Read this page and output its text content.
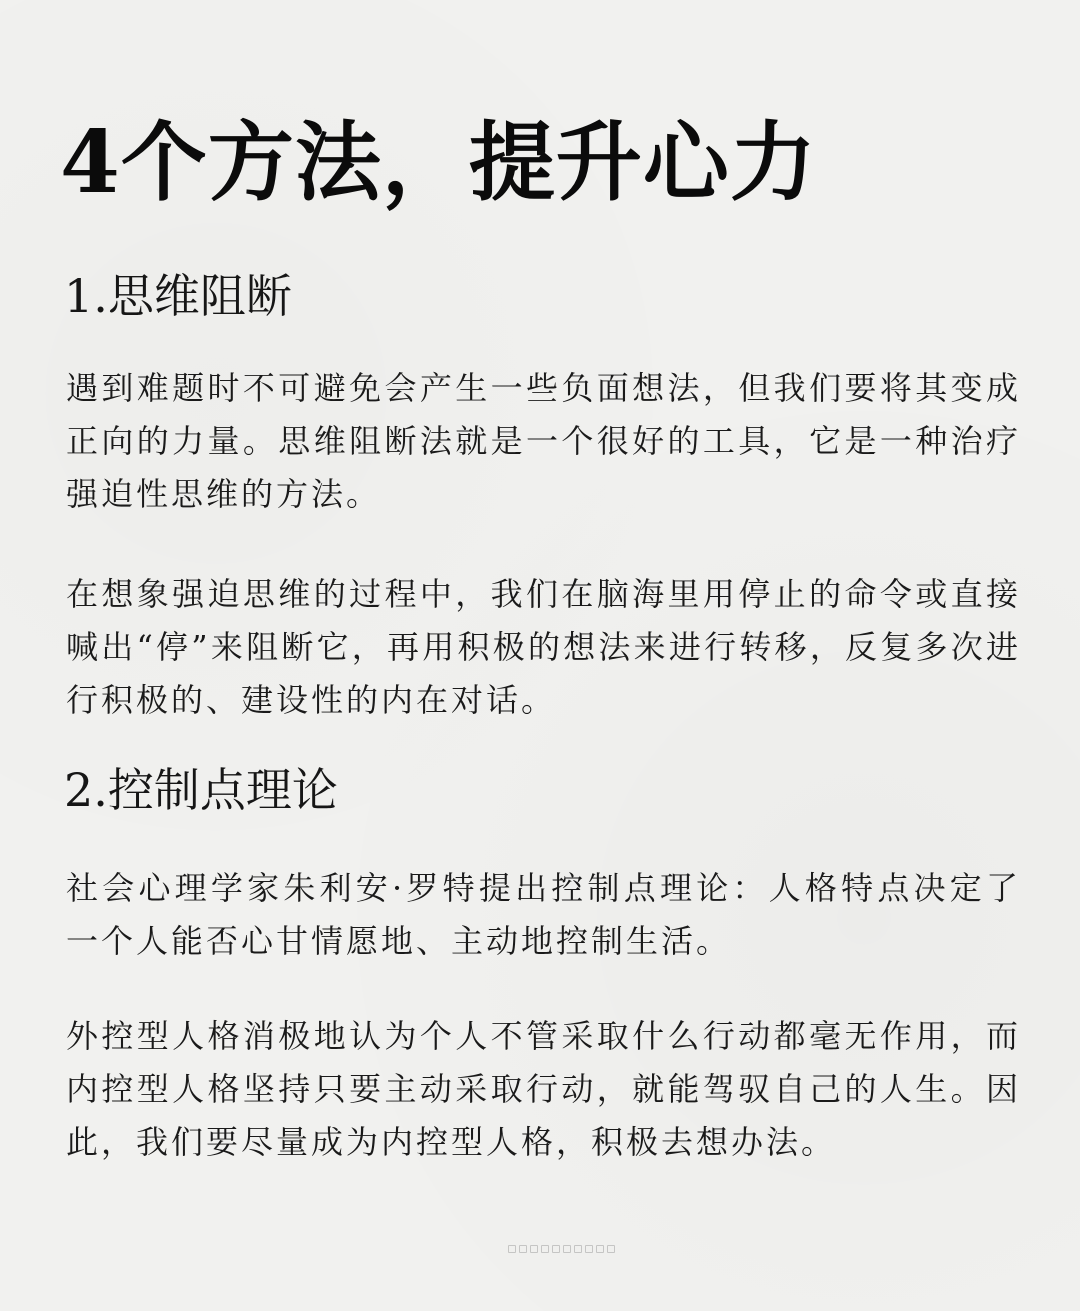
4个方法，提升心力
1.思维阻断

遇到难题时不可避免会产生一些负面想法，但我们要将其变成正向的力量。思维阻断法就是一个很好的工具，它是一种治疗强迫性思维的方法。

在想象强迫思维的过程中，我们在脑海里用停止的命令或直接喊出“停”来阻断它，再用积极的想法来进行转移，反复多次进行积极的、建设性的内在对话。

2.控制点理论

社会心理学家朱利安·罗特提出控制点理论：人格特点决定了一个人能否心甘情愿地、主动地控制生活。

外控型人格消极地认为个人不管采取什么行动都毫无作用，而内控型人格坚持只要主动采取行动，就能驾驭自己的人生。因此，我们要尽量成为内控型人格，积极去想办法。
